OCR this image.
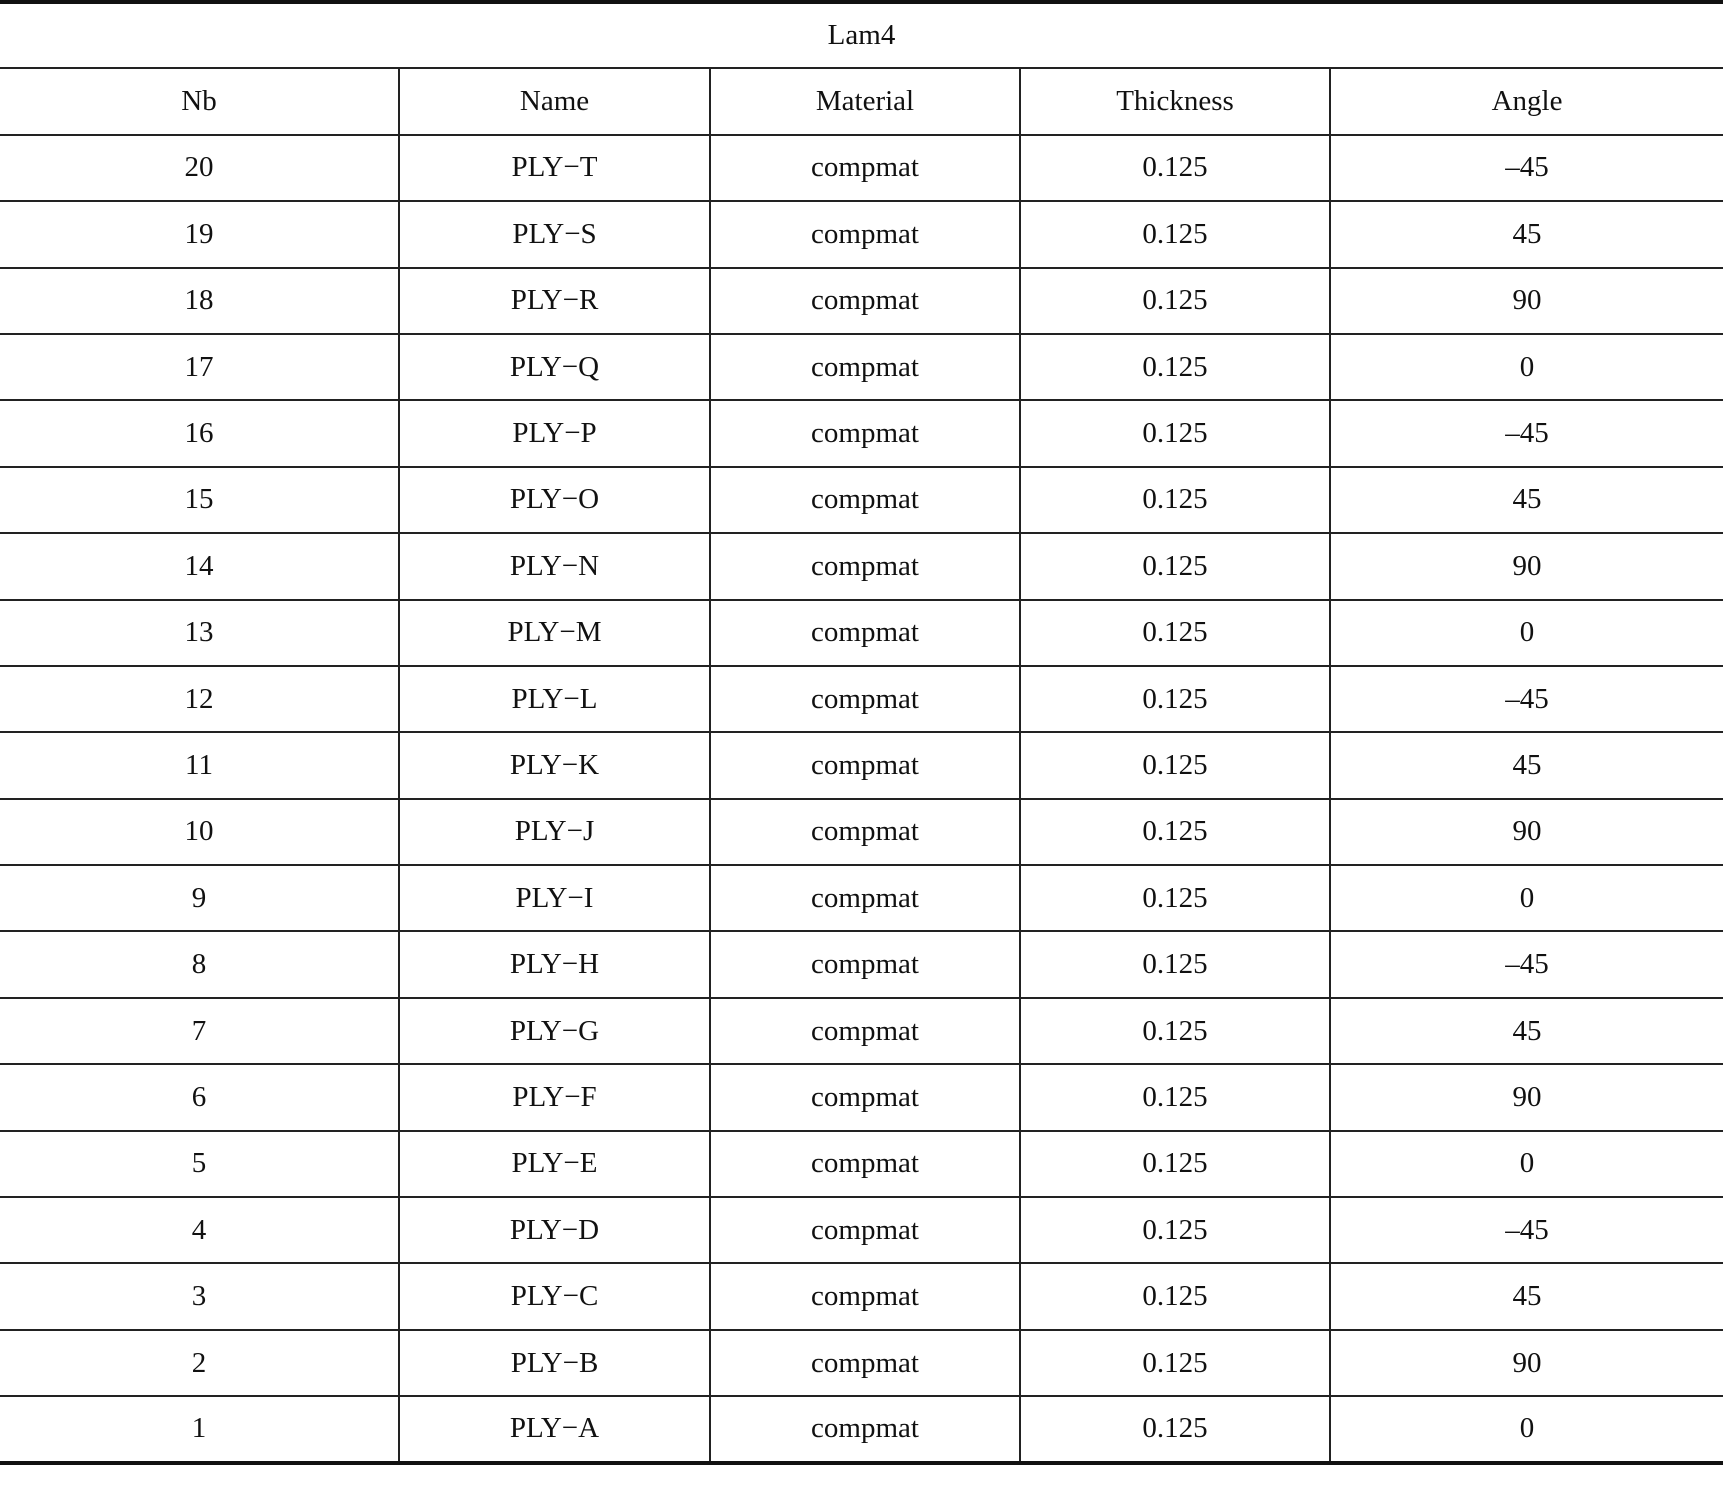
Lam4				
Nb	Name	Material	Thickness	Angle
20	PLY−T	compmat	0.125	–45
19	PLY−S	compmat	0.125	45
18	PLY−R	compmat	0.125	90
17	PLY−Q	compmat	0.125	0
16	PLY−P	compmat	0.125	–45
15	PLY−O	compmat	0.125	45
14	PLY−N	compmat	0.125	90
13	PLY−M	compmat	0.125	0
12	PLY−L	compmat	0.125	–45
11	PLY−K	compmat	0.125	45
10	PLY−J	compmat	0.125	90
9	PLY−I	compmat	0.125	0
8	PLY−H	compmat	0.125	–45
7	PLY−G	compmat	0.125	45
6	PLY−F	compmat	0.125	90
5	PLY−E	compmat	0.125	0
4	PLY−D	compmat	0.125	–45
3	PLY−C	compmat	0.125	45
2	PLY−B	compmat	0.125	90
1	PLY−A	compmat	0.125	0
